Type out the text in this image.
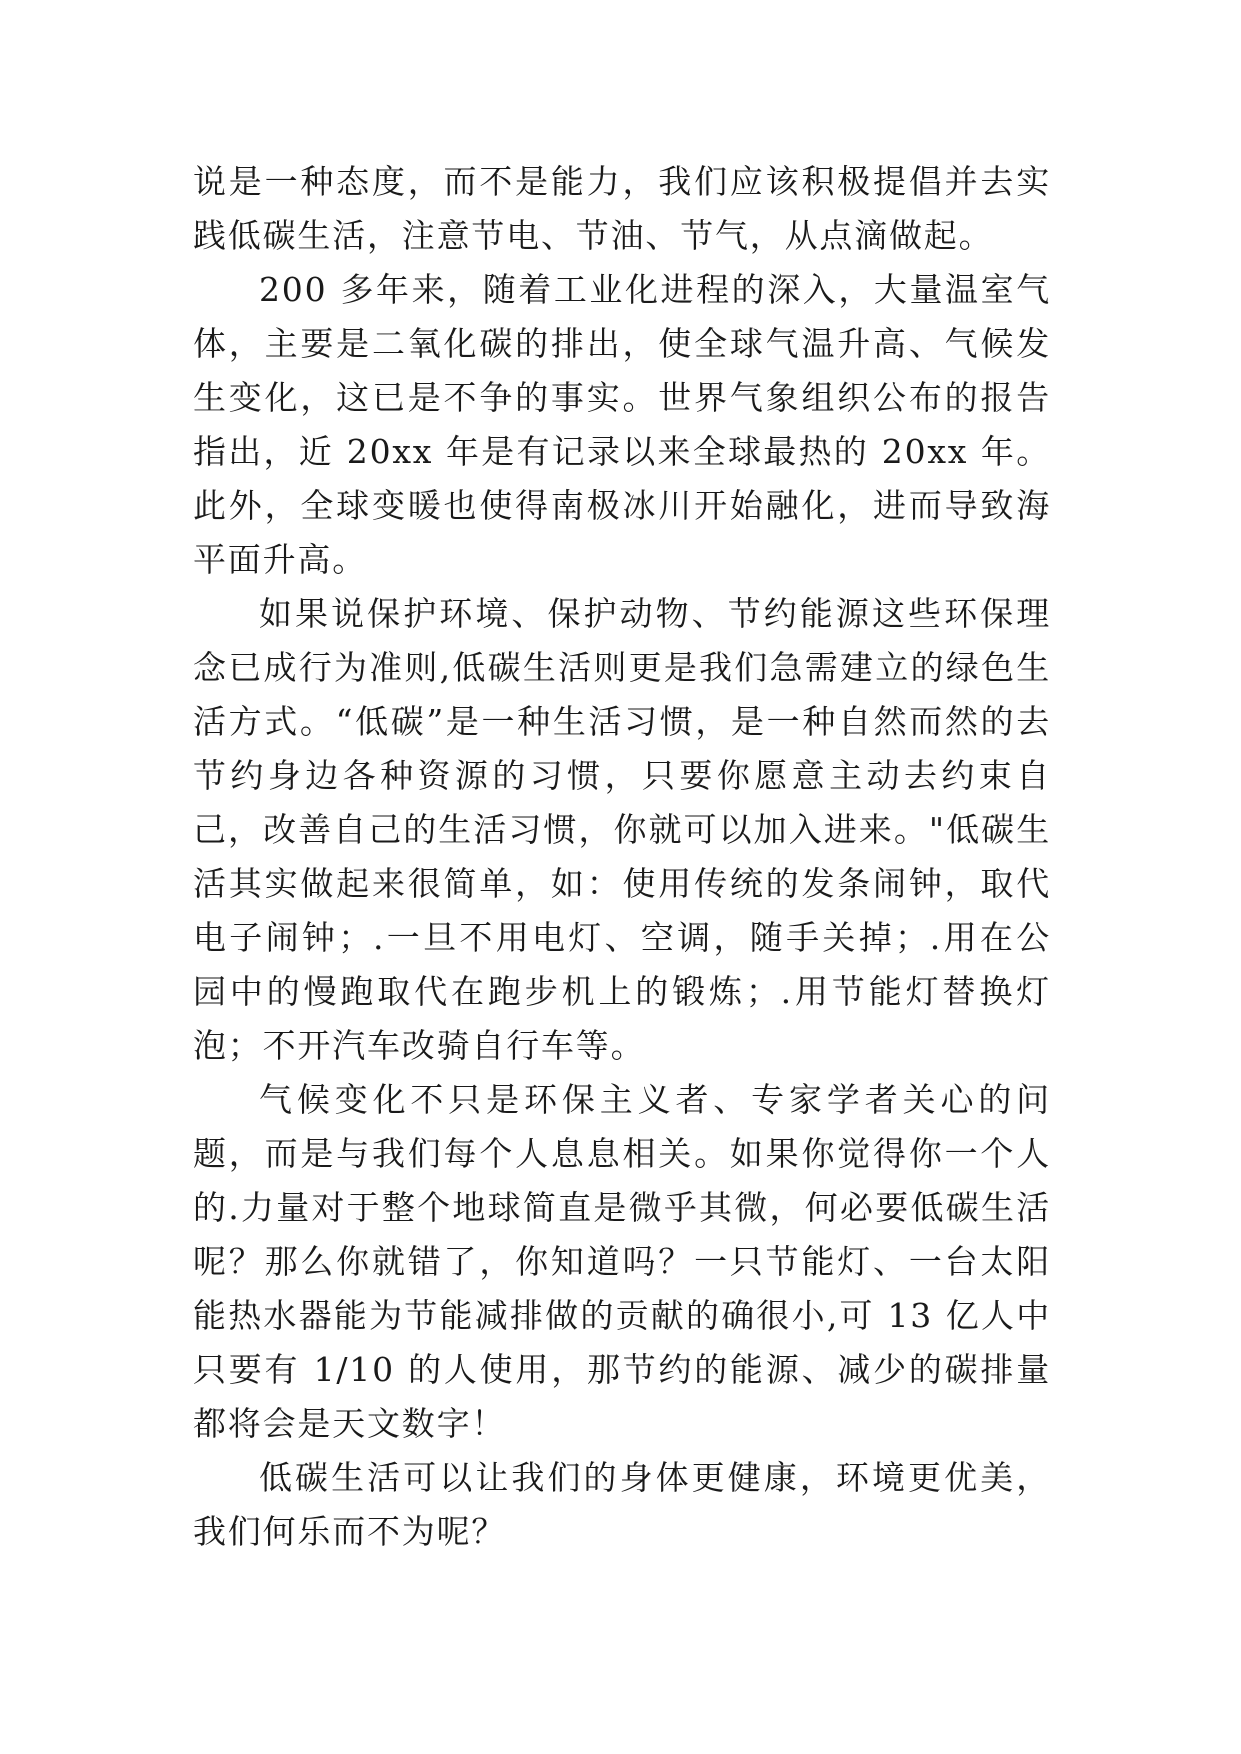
说是一种态度，而不是能力，我们应该积极提倡并去实践低碳生活，注意节电、节油、节气，从点滴做起。

200 多年来，随着工业化进程的深入，大量温室气体，主要是二氧化碳的排出，使全球气温升高、气候发生变化，这已是不争的事实。世界气象组织公布的报告指出，近 20xx 年是有记录以来全球最热的 20xx 年。此外，全球变暖也使得南极冰川开始融化，进而导致海平面升高。

如果说保护环境、保护动物、节约能源这些环保理念已成行为准则,低碳生活则更是我们急需建立的绿色生活方式。“低碳”是一种生活习惯，是一种自然而然的去节约身边各种资源的习惯，只要你愿意主动去约束自己，改善自己的生活习惯，你就可以加入进来。"低碳生活其实做起来很简单，如：使用传统的发条闹钟，取代电子闹钟；.一旦不用电灯、空调，随手关掉；.用在公园中的慢跑取代在跑步机上的锻炼；.用节能灯替换灯泡；不开汽车改骑自行车等。

气候变化不只是环保主义者、专家学者关心的问题，而是与我们每个人息息相关。如果你觉得你一个人的.力量对于整个地球简直是微乎其微，何必要低碳生活呢？那么你就错了，你知道吗？一只节能灯、一台太阳能热水器能为节能减排做的贡献的确很小,可 13 亿人中只要有 1/10 的人使用，那节约的能源、减少的碳排量都将会是天文数字！

低碳生活可以让我们的身体更健康，环境更优美，我们何乐而不为呢？
